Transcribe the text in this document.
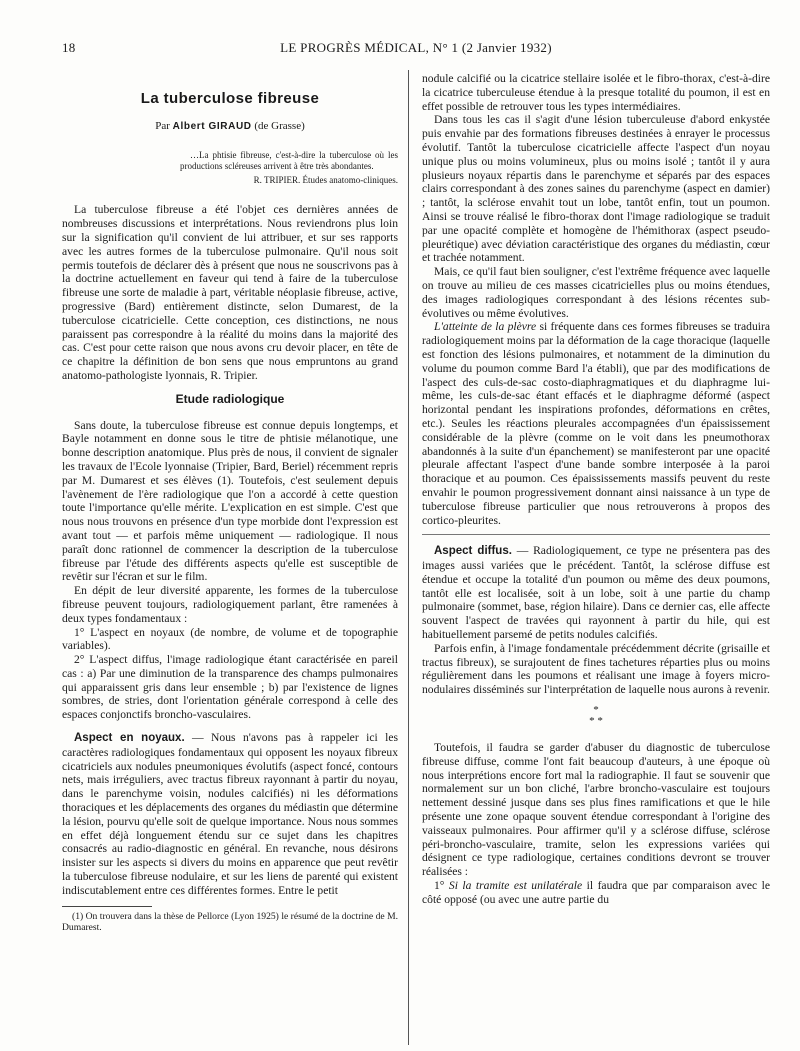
18	LE PROGRÈS MÉDICAL, N° 1 (2 Janvier 1932)

La tuberculose fibreuse

Par Albert GIRAUD (de Grasse)

…La phtisie fibreuse, c'est-à-dire la tuberculose où les productions scléreuses arrivent à être très abondantes.

R. TRIPIER. Études anatomo-cliniques.

La tuberculose fibreuse a été l'objet ces dernières années de nombreuses discussions et interprétations. Nous reviendrons plus loin sur la signification qu'il convient de lui attribuer, et sur ses rapports avec les autres formes de la tuberculose pulmonaire. Qu'il nous soit permis toutefois de déclarer dès à présent que nous ne souscrivons pas à la doctrine actuellement en faveur qui tend à faire de la tuberculose fibreuse une sorte de maladie à part, véritable néoplasie fibreuse, active, progressive (Bard) entièrement distincte, selon Dumarest, de la tuberculose cicatricielle. Cette conception, ces distinctions, ne nous paraissent pas correspondre à la réalité du moins dans la majorité des cas. C'est pour cette raison que nous avons cru devoir placer, en tête de ce chapitre la définition de bon sens que nous empruntons au grand anatomo-pathologiste lyonnais, R. Tripier.

Etude radiologique

Sans doute, la tuberculose fibreuse est connue depuis longtemps, et Bayle notamment en donne sous le titre de phtisie mélanotique, une bonne description anatomique. Plus près de nous, il convient de signaler les travaux de l'Ecole lyonnaise (Tripier, Bard, Beriel) récemment repris par M. Dumarest et ses élèves (1). Toutefois, c'est seulement depuis l'avènement de l'ère radiologique que l'on a accordé à cette question toute l'importance qu'elle mérite. L'explication en est simple. C'est que nous nous trouvons en présence d'un type morbide dont l'expression est avant tout — et parfois même uniquement — radiologique. Il nous paraît donc rationnel de commencer la description de la tuberculose fibreuse par l'étude des différents aspects qu'elle est susceptible de revêtir sur l'écran et sur le film.

En dépit de leur diversité apparente, les formes de la tuberculose fibreuse peuvent toujours, radiologiquement parlant, être ramenées à deux types fondamentaux :

1° L'aspect en noyaux (de nombre, de volume et de topographie variables).

2° L'aspect diffus, l'image radiologique étant caractérisée en pareil cas : a) Par une diminution de la transparence des champs pulmonaires qui apparaissent gris dans leur ensemble ; b) par l'existence de lignes sombres, de stries, dont l'orientation générale correspond à celle des espaces conjonctifs broncho-vasculaires.

Aspect en noyaux. — Nous n'avons pas à rappeler ici les caractères radiologiques fondamentaux qui opposent les noyaux fibreux cicatriciels aux nodules pneumoniques évolutifs (aspect foncé, contours nets, mais irréguliers, avec tractus fibreux rayonnant à partir du noyau, dans le parenchyme voisin, nodules calcifiés) ni les déformations thoraciques et les déplacements des organes du médiastin que détermine la lésion, pourvu qu'elle soit de quelque importance. Nous nous sommes en effet déjà longuement étendu sur ce sujet dans les chapitres consacrés au radio-diagnostic en général. En revanche, nous désirons insister sur les aspects si divers du moins en apparence que peut revêtir la tuberculose fibreuse nodulaire, et sur les liens de parenté qui existent indiscutablement entre ces différentes formes. Entre le petit

(1) On trouvera dans la thèse de Pellorce (Lyon 1925) le résumé de la doctrine de M. Dumarest.

nodule calcifié ou la cicatrice stellaire isolée et le fibro-thorax, c'est-à-dire la cicatrice tuberculeuse étendue à la presque totalité du poumon, il est en effet possible de retrouver tous les types intermédiaires.

Dans tous les cas il s'agit d'une lésion tuberculeuse d'abord enkystée puis envahie par des formations fibreuses destinées à enrayer le processus évolutif. Tantôt la tuberculose cicatricielle affecte l'aspect d'un noyau unique plus ou moins volumineux, plus ou moins isolé ; tantôt il y aura plusieurs noyaux répartis dans le parenchyme et séparés par des espaces clairs correspondant à des zones saines du parenchyme (aspect en damier) ; tantôt, la sclérose envahit tout un lobe, tantôt enfin, tout un poumon. Ainsi se trouve réalisé le fibro-thorax dont l'image radiologique se traduit par une opacité complète et homogène de l'hémithorax (aspect pseudo-pleurétique) avec déviation caractéristique des organes du médiastin, cœur et trachée notamment.

Mais, ce qu'il faut bien souligner, c'est l'extrême fréquence avec laquelle on trouve au milieu de ces masses cicatricielles plus ou moins étendues, des images radiologiques correspondant à des lésions récentes sub-évolutives ou même évolutives.

L'atteinte de la plèvre si fréquente dans ces formes fibreuses se traduira radiologiquement moins par la déformation de la cage thoracique (laquelle est fonction des lésions pulmonaires, et notamment de la diminution du volume du poumon comme Bard l'a établi), que par des modifications de l'aspect des culs-de-sac costo-diaphragmatiques et du diaphragme lui-même, les culs-de-sac étant effacés et le diaphragme déformé (aspect horizontal pendant les inspirations profondes, déformations en crêtes, etc.). Seules les réactions pleurales accompagnées d'un épaississement considérable de la plèvre (comme on le voit dans les pneumothorax abandonnés à la suite d'un épanchement) se manifesteront par une opacité pleurale affectant l'aspect d'une bande sombre interposée à la paroi thoracique et au poumon. Ces épaississements massifs peuvent du reste envahir le poumon progressivement donnant ainsi naissance à un type de tuberculose fibreuse particulier que nous retrouverons à propos des cortico-pleurites.

Aspect diffus. — Radiologiquement, ce type ne présentera pas des images aussi variées que le précédent. Tantôt, la sclérose diffuse est étendue et occupe la totalité d'un poumon ou même des deux poumons, tantôt elle est localisée, soit à un lobe, soit à une partie du champ pulmonaire (sommet, base, région hilaire). Dans ce dernier cas, elle affecte souvent l'aspect de travées qui rayonnent à partir du hile, qui est habituellement parsemé de petits nodules calcifiés.

Parfois enfin, à l'image fondamentale précédemment décrite (grisaille et tractus fibreux), se surajoutent de fines tachetures réparties plus ou moins régulièrement dans les poumons et réalisant une image à foyers micro-nodulaires disséminés sur l'interprétation de laquelle nous aurons à revenir.

*
* *

Toutefois, il faudra se garder d'abuser du diagnostic de tuberculose fibreuse diffuse, comme l'ont fait beaucoup d'auteurs, à une époque où nous interprétions encore fort mal la radiographie. Il faut se souvenir que normalement sur un bon cliché, l'arbre broncho-vasculaire est toujours nettement dessiné jusque dans ses plus fines ramifications et que le hile présente une zone opaque souvent étendue correspondant à l'origine des vaisseaux pulmonaires. Pour affirmer qu'il y a sclérose diffuse, sclérose péri-broncho-vasculaire, tramite, selon les expressions variées qui désignent ce type radiologique, certaines conditions devront se trouver réalisées :

1° Si la tramite est unilatérale il faudra que par comparaison avec le côté opposé (ou avec une autre partie du
